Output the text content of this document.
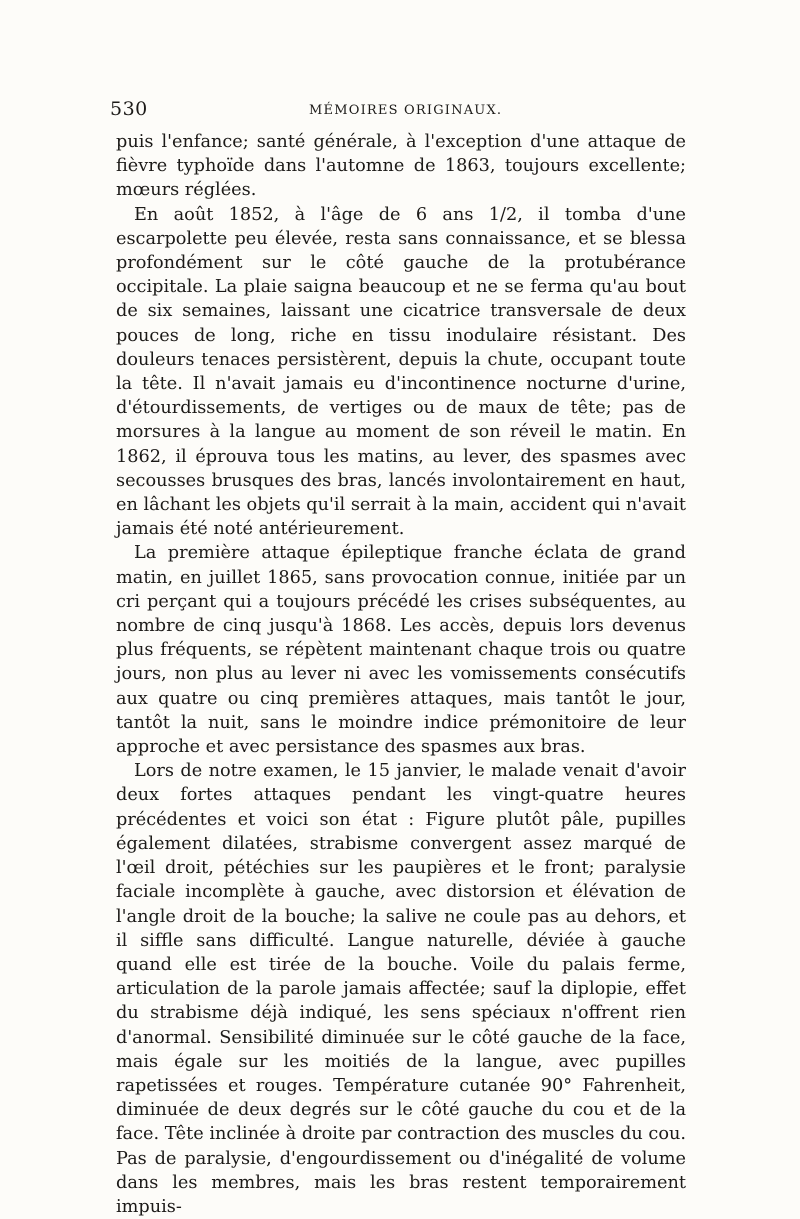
530	MÉMOIRES ORIGINAUX.

puis l'enfance; santé générale, à l'exception d'une attaque de fièvre typhoïde dans l'automne de 1863, toujours excellente; mœurs réglées.

En août 1852, à l'âge de 6 ans 1/2, il tomba d'une escarpolette peu élevée, resta sans connaissance, et se blessa profondément sur le côté gauche de la protubérance occipitale. La plaie saigna beaucoup et ne se ferma qu'au bout de six semaines, laissant une cicatrice transversale de deux pouces de long, riche en tissu inodulaire résistant. Des douleurs tenaces persistèrent, depuis la chute, occupant toute la tête. Il n'avait jamais eu d'incontinence nocturne d'urine, d'étourdissements, de vertiges ou de maux de tête; pas de morsures à la langue au moment de son réveil le matin. En 1862, il éprouva tous les matins, au lever, des spasmes avec secousses brusques des bras, lancés involontairement en haut, en lâchant les objets qu'il serrait à la main, accident qui n'avait jamais été noté antérieurement.

La première attaque épileptique franche éclata de grand matin, en juillet 1865, sans provocation connue, initiée par un cri perçant qui a toujours précédé les crises subséquentes, au nombre de cinq jusqu'à 1868. Les accès, depuis lors devenus plus fréquents, se répètent maintenant chaque trois ou quatre jours, non plus au lever ni avec les vomissements consécutifs aux quatre ou cinq premières attaques, mais tantôt le jour, tantôt la nuit, sans le moindre indice prémonitoire de leur approche et avec persistance des spasmes aux bras.

Lors de notre examen, le 15 janvier, le malade venait d'avoir deux fortes attaques pendant les vingt-quatre heures précédentes et voici son état : Figure plutôt pâle, pupilles également dilatées, strabisme convergent assez marqué de l'œil droit, pétéchies sur les paupières et le front; paralysie faciale incomplète à gauche, avec distorsion et élévation de l'angle droit de la bouche; la salive ne coule pas au dehors, et il siffle sans difficulté. Langue naturelle, déviée à gauche quand elle est tirée de la bouche. Voile du palais ferme, articulation de la parole jamais affectée; sauf la diplopie, effet du strabisme déjà indiqué, les sens spéciaux n'offrent rien d'anormal. Sensibilité diminuée sur le côté gauche de la face, mais égale sur les moitiés de la langue, avec pupilles rapetissées et rouges. Température cutanée 90° Fahrenheit, diminuée de deux degrés sur le côté gauche du cou et de la face. Tête inclinée à droite par contraction des muscles du cou. Pas de paralysie, d'engourdissement ou d'inégalité de volume dans les membres, mais les bras restent temporairement impuis-
